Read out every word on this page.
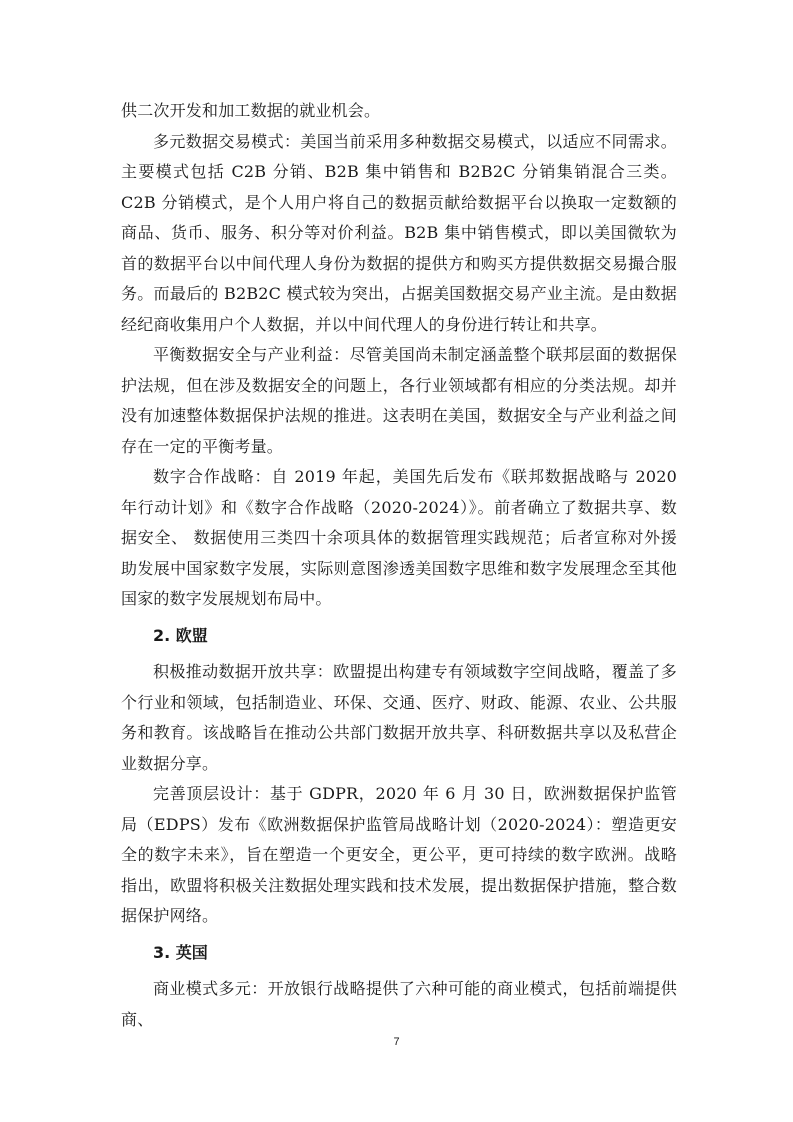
供二次开发和加工数据的就业机会。

多元数据交易模式：美国当前采用多种数据交易模式，以适应不同需求。主要模式包括 C2B 分销、B2B 集中销售和 B2B2C 分销集销混合三类。C2B 分销模式，是个人用户将自己的数据贡献给数据平台以换取一定数额的商品、货币、服务、积分等对价利益。B2B 集中销售模式，即以美国微软为首的数据平台以中间代理人身份为数据的提供方和购买方提供数据交易撮合服务。而最后的 B2B2C 模式较为突出，占据美国数据交易产业主流。是由数据经纪商收集用户个人数据，并以中间代理人的身份进行转让和共享。

平衡数据安全与产业利益：尽管美国尚未制定涵盖整个联邦层面的数据保护法规，但在涉及数据安全的问题上，各行业领域都有相应的分类法规。却并没有加速整体数据保护法规的推进。这表明在美国，数据安全与产业利益之间存在一定的平衡考量。

数字合作战略：自 2019 年起，美国先后发布《联邦数据战略与 2020 年行动计划》和《数字合作战略（2020-2024）》。前者确立了数据共享、数据安全、 数据使用三类四十余项具体的数据管理实践规范；后者宣称对外援助发展中国家数字发展，实际则意图渗透美国数字思维和数字发展理念至其他国家的数字发展规划布局中。

2. 欧盟

积极推动数据开放共享：欧盟提出构建专有领域数字空间战略，覆盖了多个行业和领域，包括制造业、环保、交通、医疗、财政、能源、农业、公共服务和教育。该战略旨在推动公共部门数据开放共享、科研数据共享以及私营企业数据分享。

完善顶层设计：基于 GDPR，2020 年 6 月 30 日，欧洲数据保护监管局（EDPS）发布《欧洲数据保护监管局战略计划（2020-2024）：塑造更安全的数字未来》，旨在塑造一个更安全，更公平，更可持续的数字欧洲。战略指出，欧盟将积极关注数据处理实践和技术发展，提出数据保护措施，整合数据保护网络。

3. 英国

商业模式多元：开放银行战略提供了六种可能的商业模式，包括前端提供商、

7
